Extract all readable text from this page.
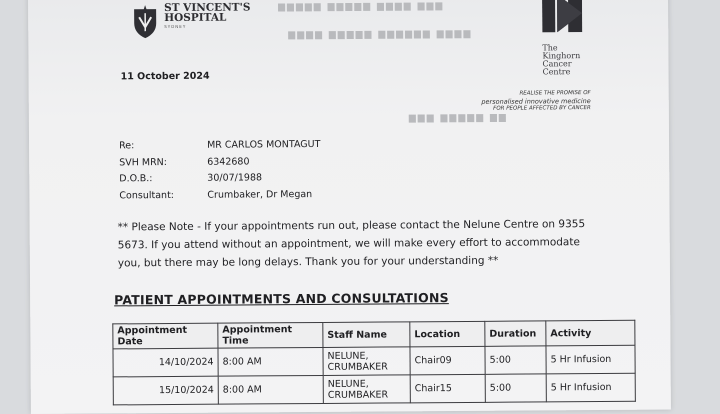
▆▆▆▆▆ ▆▆▆▆▆ ▆▆▆▆ ▆▆▆
▆▆▆▆ ▆▆▆▆▆ ▆▆▆▆▆▆ ▆▆▆▆
▆▆▆ ▆▆▆▆▆ ▆▆
ST VINCENT'S
HOSPITAL
SYDNEY
The
Kinghorn
Cancer
Centre
REALISE THE PROMISE OF
personalised innovative medicine
FOR PEOPLE AFFECTED BY CANCER
11 October 2024
Re:	MR CARLOS MONTAGUT
SVH MRN:	6342680
D.O.B.:	30/07/1988
Consultant:	Crumbaker, Dr Megan
** Please Note - If your appointments run out, please contact the Nelune Centre on 9355 5673. If you attend without an appointment, we will make every effort to accommodate you, but there may be long delays. Thank you for your understanding **
PATIENT APPOINTMENTS AND CONSULTATIONS
Appointment Date	Appointment Time	Staff Name	Location	Duration	Activity
14/10/2024	8:00 AM	NELUNE,
CRUMBAKER	Chair09	5:00	5 Hr Infusion
15/10/2024	8:00 AM	NELUNE,
CRUMBAKER	Chair15	5:00	5 Hr Infusion
